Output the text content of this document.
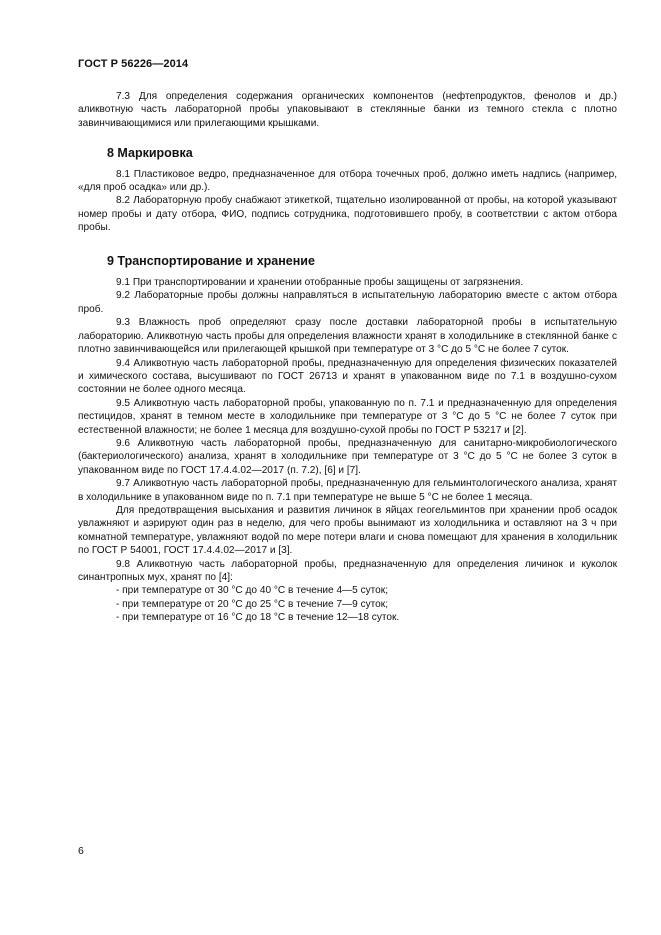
ГОСТ Р 56226—2014

7.3 Для определения содержания органических компонентов (нефтепродуктов, фенолов и др.) аликвотную часть лабораторной пробы упаковывают в стеклянные банки из темного стекла с плотно завинчивающимися или прилегающими крышками.

8 Маркировка

8.1 Пластиковое ведро, предназначенное для отбора точечных проб, должно иметь надпись (например, «для проб осадка» или др.).

8.2 Лабораторную пробу снабжают этикеткой, тщательно изолированной от пробы, на которой указывают номер пробы и дату отбора, ФИО, подпись сотрудника, подготовившего пробу, в соответствии с актом отбора пробы.

9 Транспортирование и хранение

9.1 При транспортировании и хранении отобранные пробы защищены от загрязнения.

9.2 Лабораторные пробы должны направляться в испытательную лабораторию вместе с актом отбора проб.

9.3 Влажность проб определяют сразу после доставки лабораторной пробы в испытательную лабораторию. Аликвотную часть пробы для определения влажности хранят в холодильнике в стеклянной банке с плотно завинчивающейся или прилегающей крышкой при температуре от 3 °С до 5 °С не более 7 суток.

9.4 Аликвотную часть лабораторной пробы, предназначенную для определения физических показателей и химического состава, высушивают по ГОСТ 26713 и хранят в упакованном виде по 7.1 в воздушно-сухом состоянии не более одного месяца.

9.5 Аликвотную часть лабораторной пробы, упакованную по п. 7.1 и предназначенную для определения пестицидов, хранят в темном месте в холодильнике при температуре от 3 °С до 5 °С не более 7 суток при естественной влажности; не более 1 месяца для воздушно-сухой пробы по ГОСТ Р 53217 и [2].

9.6 Аликвотную часть лабораторной пробы, предназначенную для санитарно-микробиологического (бактериологического) анализа, хранят в холодильнике при температуре от 3 °С до 5 °С не более 3 суток в упакованном виде по ГОСТ 17.4.4.02—2017 (п. 7.2), [6] и [7].

9.7 Аликвотную часть лабораторной пробы, предназначенную для гельминтологического анализа, хранят в холодильнике в упакованном виде по п. 7.1 при температуре не выше 5 °С не более 1 месяца.

Для предотвращения высыхания и развития личинок в яйцах геогельминтов при хранении проб осадок увлажняют и аэрируют один раз в неделю, для чего пробы вынимают из холодильника и оставляют на 3 ч при комнатной температуре, увлажняют водой по мере потери влаги и снова помещают для хранения в холодильник по ГОСТ Р 54001, ГОСТ 17.4.4.02—2017 и [3].

9.8 Аликвотную часть лабораторной пробы, предназначенную для определения личинок и куколок синантропных мух, хранят по [4]:

- при температуре от 30 °С до 40 °С в течение 4—5 суток;

- при температуре от 20 °С до 25 °С в течение 7—9 суток;

- при температуре от 16 °С до 18 °С в течение 12—18 суток.

6
